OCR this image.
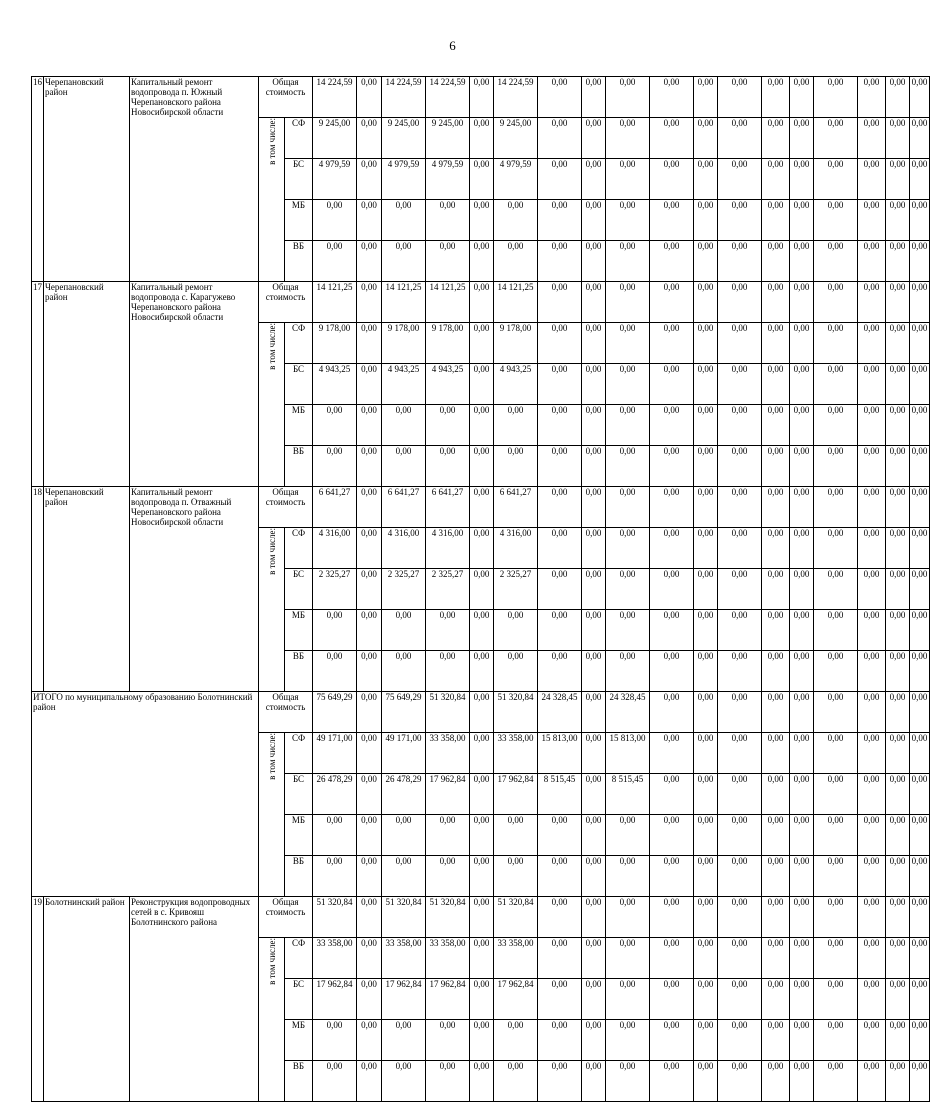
6
16	Черепановский район	Капитальный ремонт водопровода п. Южный Черепановского района Новосибирской области	Общая стоимость		14 224,59	0,00	14 224,59	14 224,59	0,00	14 224,59	0,00	0,00	0,00	0,00	0,00	0,00	0,00	0,00	0,00	0,00	0,00	0,00			

			в том числе:	СФ	9 245,00	0,00	9 245,00	9 245,00	0,00	9 245,00	0,00	0,00	0,00	0,00	0,00	0,00	0,00	0,00	0,00	0,00	0,00	0,00			
				БС	4 979,59	0,00	4 979,59	4 979,59	0,00	4 979,59	0,00	0,00	0,00	0,00	0,00	0,00	0,00	0,00	0,00	0,00	0,00	0,00			
				МБ	0,00	0,00	0,00	0,00	0,00	0,00	0,00	0,00	0,00	0,00	0,00	0,00	0,00	0,00	0,00	0,00	0,00	0,00			
				ВБ	0,00	0,00	0,00	0,00	0,00	0,00	0,00	0,00	0,00	0,00	0,00	0,00	0,00	0,00	0,00	0,00	0,00	0,00			
17	Черепановский район	Капитальный ремонт водопровода с. Карагужево Черепановского района Новосибирской области	Общая стоимость		14 121,25	0,00	14 121,25	14 121,25	0,00	14 121,25	0,00	0,00	0,00	0,00	0,00	0,00	0,00	0,00	0,00	0,00	0,00	0,00			

			в том числе:	СФ	9 178,00	0,00	9 178,00	9 178,00	0,00	9 178,00	0,00	0,00	0,00	0,00	0,00	0,00	0,00	0,00	0,00	0,00	0,00	0,00			
				БС	4 943,25	0,00	4 943,25	4 943,25	0,00	4 943,25	0,00	0,00	0,00	0,00	0,00	0,00	0,00	0,00	0,00	0,00	0,00	0,00			
				МБ	0,00	0,00	0,00	0,00	0,00	0,00	0,00	0,00	0,00	0,00	0,00	0,00	0,00	0,00	0,00	0,00	0,00	0,00			
				ВБ	0,00	0,00	0,00	0,00	0,00	0,00	0,00	0,00	0,00	0,00	0,00	0,00	0,00	0,00	0,00	0,00	0,00	0,00			
18	Черепановский район	Капитальный ремонт водопровода п. Отважный Черепановского района Новосибирской области	Общая стоимость		6 641,27	0,00	6 641,27	6 641,27	0,00	6 641,27	0,00	0,00	0,00	0,00	0,00	0,00	0,00	0,00	0,00	0,00	0,00	0,00			

			в том числе:	СФ	4 316,00	0,00	4 316,00	4 316,00	0,00	4 316,00	0,00	0,00	0,00	0,00	0,00	0,00	0,00	0,00	0,00	0,00	0,00	0,00			
				БС	2 325,27	0,00	2 325,27	2 325,27	0,00	2 325,27	0,00	0,00	0,00	0,00	0,00	0,00	0,00	0,00	0,00	0,00	0,00	0,00			
				МБ	0,00	0,00	0,00	0,00	0,00	0,00	0,00	0,00	0,00	0,00	0,00	0,00	0,00	0,00	0,00	0,00	0,00	0,00			
				ВБ	0,00	0,00	0,00	0,00	0,00	0,00	0,00	0,00	0,00	0,00	0,00	0,00	0,00	0,00	0,00	0,00	0,00	0,00			
ИТОГО по муниципальному образованию Болотнинский район			Общая стоимость		75 649,29	0,00	75 649,29	51 320,84	0,00	51 320,84	24 328,45	0,00	24 328,45	0,00	0,00	0,00	0,00	0,00	0,00	0,00	0,00	0,00			

			в том числе:	СФ	49 171,00	0,00	49 171,00	33 358,00	0,00	33 358,00	15 813,00	0,00	15 813,00	0,00	0,00	0,00	0,00	0,00	0,00	0,00	0,00	0,00			
				БС	26 478,29	0,00	26 478,29	17 962,84	0,00	17 962,84	8 515,45	0,00	8 515,45	0,00	0,00	0,00	0,00	0,00	0,00	0,00	0,00	0,00			
				МБ	0,00	0,00	0,00	0,00	0,00	0,00	0,00	0,00	0,00	0,00	0,00	0,00	0,00	0,00	0,00	0,00	0,00	0,00			
				ВБ	0,00	0,00	0,00	0,00	0,00	0,00	0,00	0,00	0,00	0,00	0,00	0,00	0,00	0,00	0,00	0,00	0,00	0,00			
19	Болотнинский район	Реконструкция водопроводных сетей в с. Кривояш Болотнинского района	Общая стоимость		51 320,84	0,00	51 320,84	51 320,84	0,00	51 320,84	0,00	0,00	0,00	0,00	0,00	0,00	0,00	0,00	0,00	0,00	0,00	0,00			

			в том числе:	СФ	33 358,00	0,00	33 358,00	33 358,00	0,00	33 358,00	0,00	0,00	0,00	0,00	0,00	0,00	0,00	0,00	0,00	0,00	0,00	0,00			
				БС	17 962,84	0,00	17 962,84	17 962,84	0,00	17 962,84	0,00	0,00	0,00	0,00	0,00	0,00	0,00	0,00	0,00	0,00	0,00	0,00			
				МБ	0,00	0,00	0,00	0,00	0,00	0,00	0,00	0,00	0,00	0,00	0,00	0,00	0,00	0,00	0,00	0,00	0,00	0,00			
				ВБ	0,00	0,00	0,00	0,00	0,00	0,00	0,00	0,00	0,00	0,00	0,00	0,00	0,00	0,00	0,00	0,00	0,00	0,00			
